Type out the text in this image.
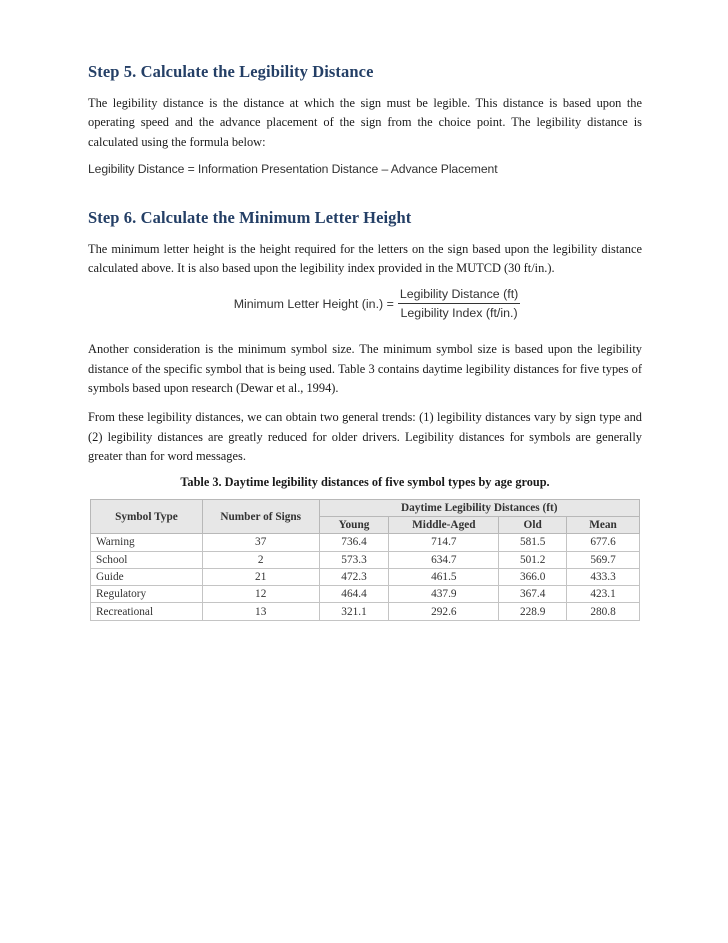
Step 5. Calculate the Legibility Distance

The legibility distance is the distance at which the sign must be legible. This distance is based upon the operating speed and the advance placement of the sign from the choice point. The legibility distance is calculated using the formula below:

Legibility Distance = Information Presentation Distance – Advance Placement
Step 6. Calculate the Minimum Letter Height

The minimum letter height is the height required for the letters on the sign based upon the legibility distance calculated above. It is also based upon the legibility index provided in the MUTCD (30 ft/in.).

Minimum Letter Height $(in.) = \frac{\text{Legibility Distance (ft)}}{\text{Legibility Index (ft/in.)}}$

Another consideration is the minimum symbol size. The minimum symbol size is based upon the legibility distance of the specific symbol that is being used. Table 3 contains daytime legibility distances for five types of symbols based upon research (Dewar et al., 1994).

From these legibility distances, we can obtain two general trends: (1) legibility distances vary by sign type and (2) legibility distances are greatly reduced for older drivers. Legibility distances for symbols are generally greater than for word messages.

Table 3. Daytime legibility distances of five symbol types by age group.
Symbol Type	Number of Signs	Daytime Legibility Distances (ft)			
		Young	Middle-Aged	Old	Mean
Warning	37	736.4	714.7	581.5	677.6
School	2	573.3	634.7	501.2	569.7
Guide	21	472.3	461.5	366.0	433.3
Regulatory	12	464.4	437.9	367.4	423.1
Recreational	13	321.1	292.6	228.9	280.8
